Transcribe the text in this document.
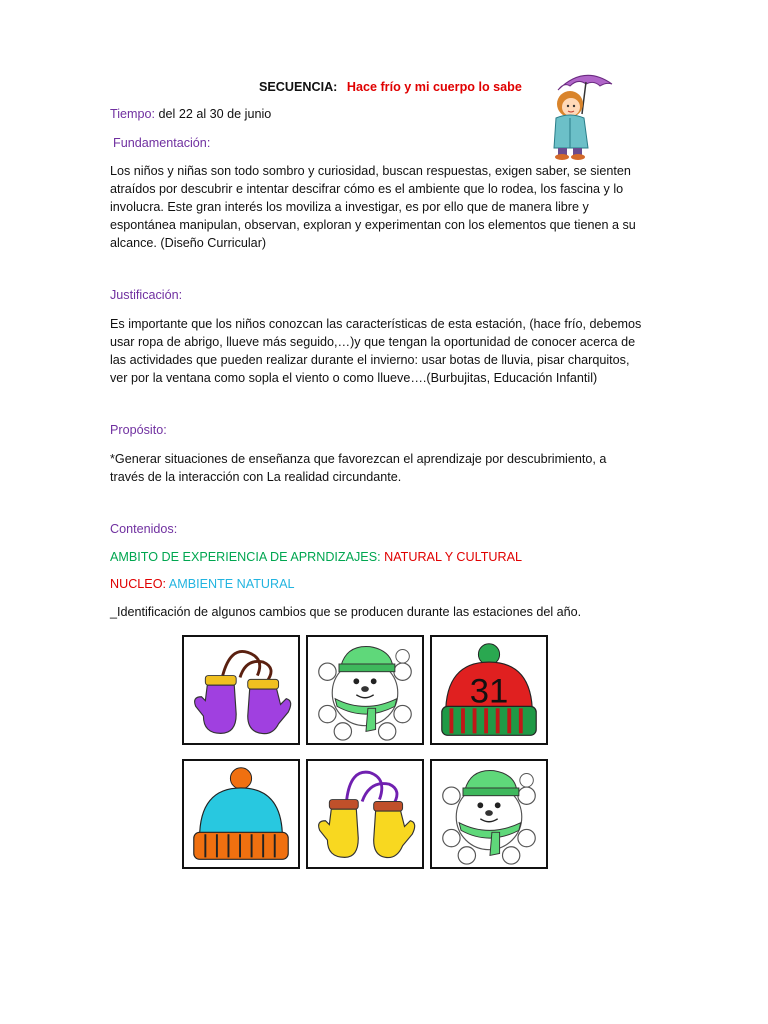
SECUENCIA: Hace frío y mi cuerpo lo sabe
Tiempo: del 22 al 30 de junio
Fundamentación:
Los niños y niñas son todo sombro y curiosidad, buscan respuestas, exigen saber, se sienten
atraídos por descubrir e intentar descifrar cómo es el ambiente que lo rodea, los fascina y lo
involucra. Este gran interés los moviliza a investigar, es por ello que de manera libre y
espontánea manipulan, observan, exploran y experimentan con los elementos que tienen a su
alcance. (Diseño Curricular)
Justificación:
Es importante que los niños conozcan las características de esta estación, (hace frío, debemos
usar ropa de abrigo, llueve más seguido,…)y que tengan la oportunidad de conocer acerca de
las actividades que pueden realizar durante el invierno: usar botas de lluvia, pisar charquitos,
ver por la ventana como sopla el viento o como llueve….(Burbujitas, Educación Infantil)
Propósito:
*Generar situaciones de enseñanza que favorezcan el aprendizaje por descubrimiento, a
través de la interacción con La realidad circundante.
Contenidos:
AMBITO DE EXPERIENCIA DE APRNDIZAJES: NATURAL Y CULTURAL
NUCLEO: AMBIENTE NATURAL
_Identificación de algunos cambios que se producen durante las estaciones del año.
31
